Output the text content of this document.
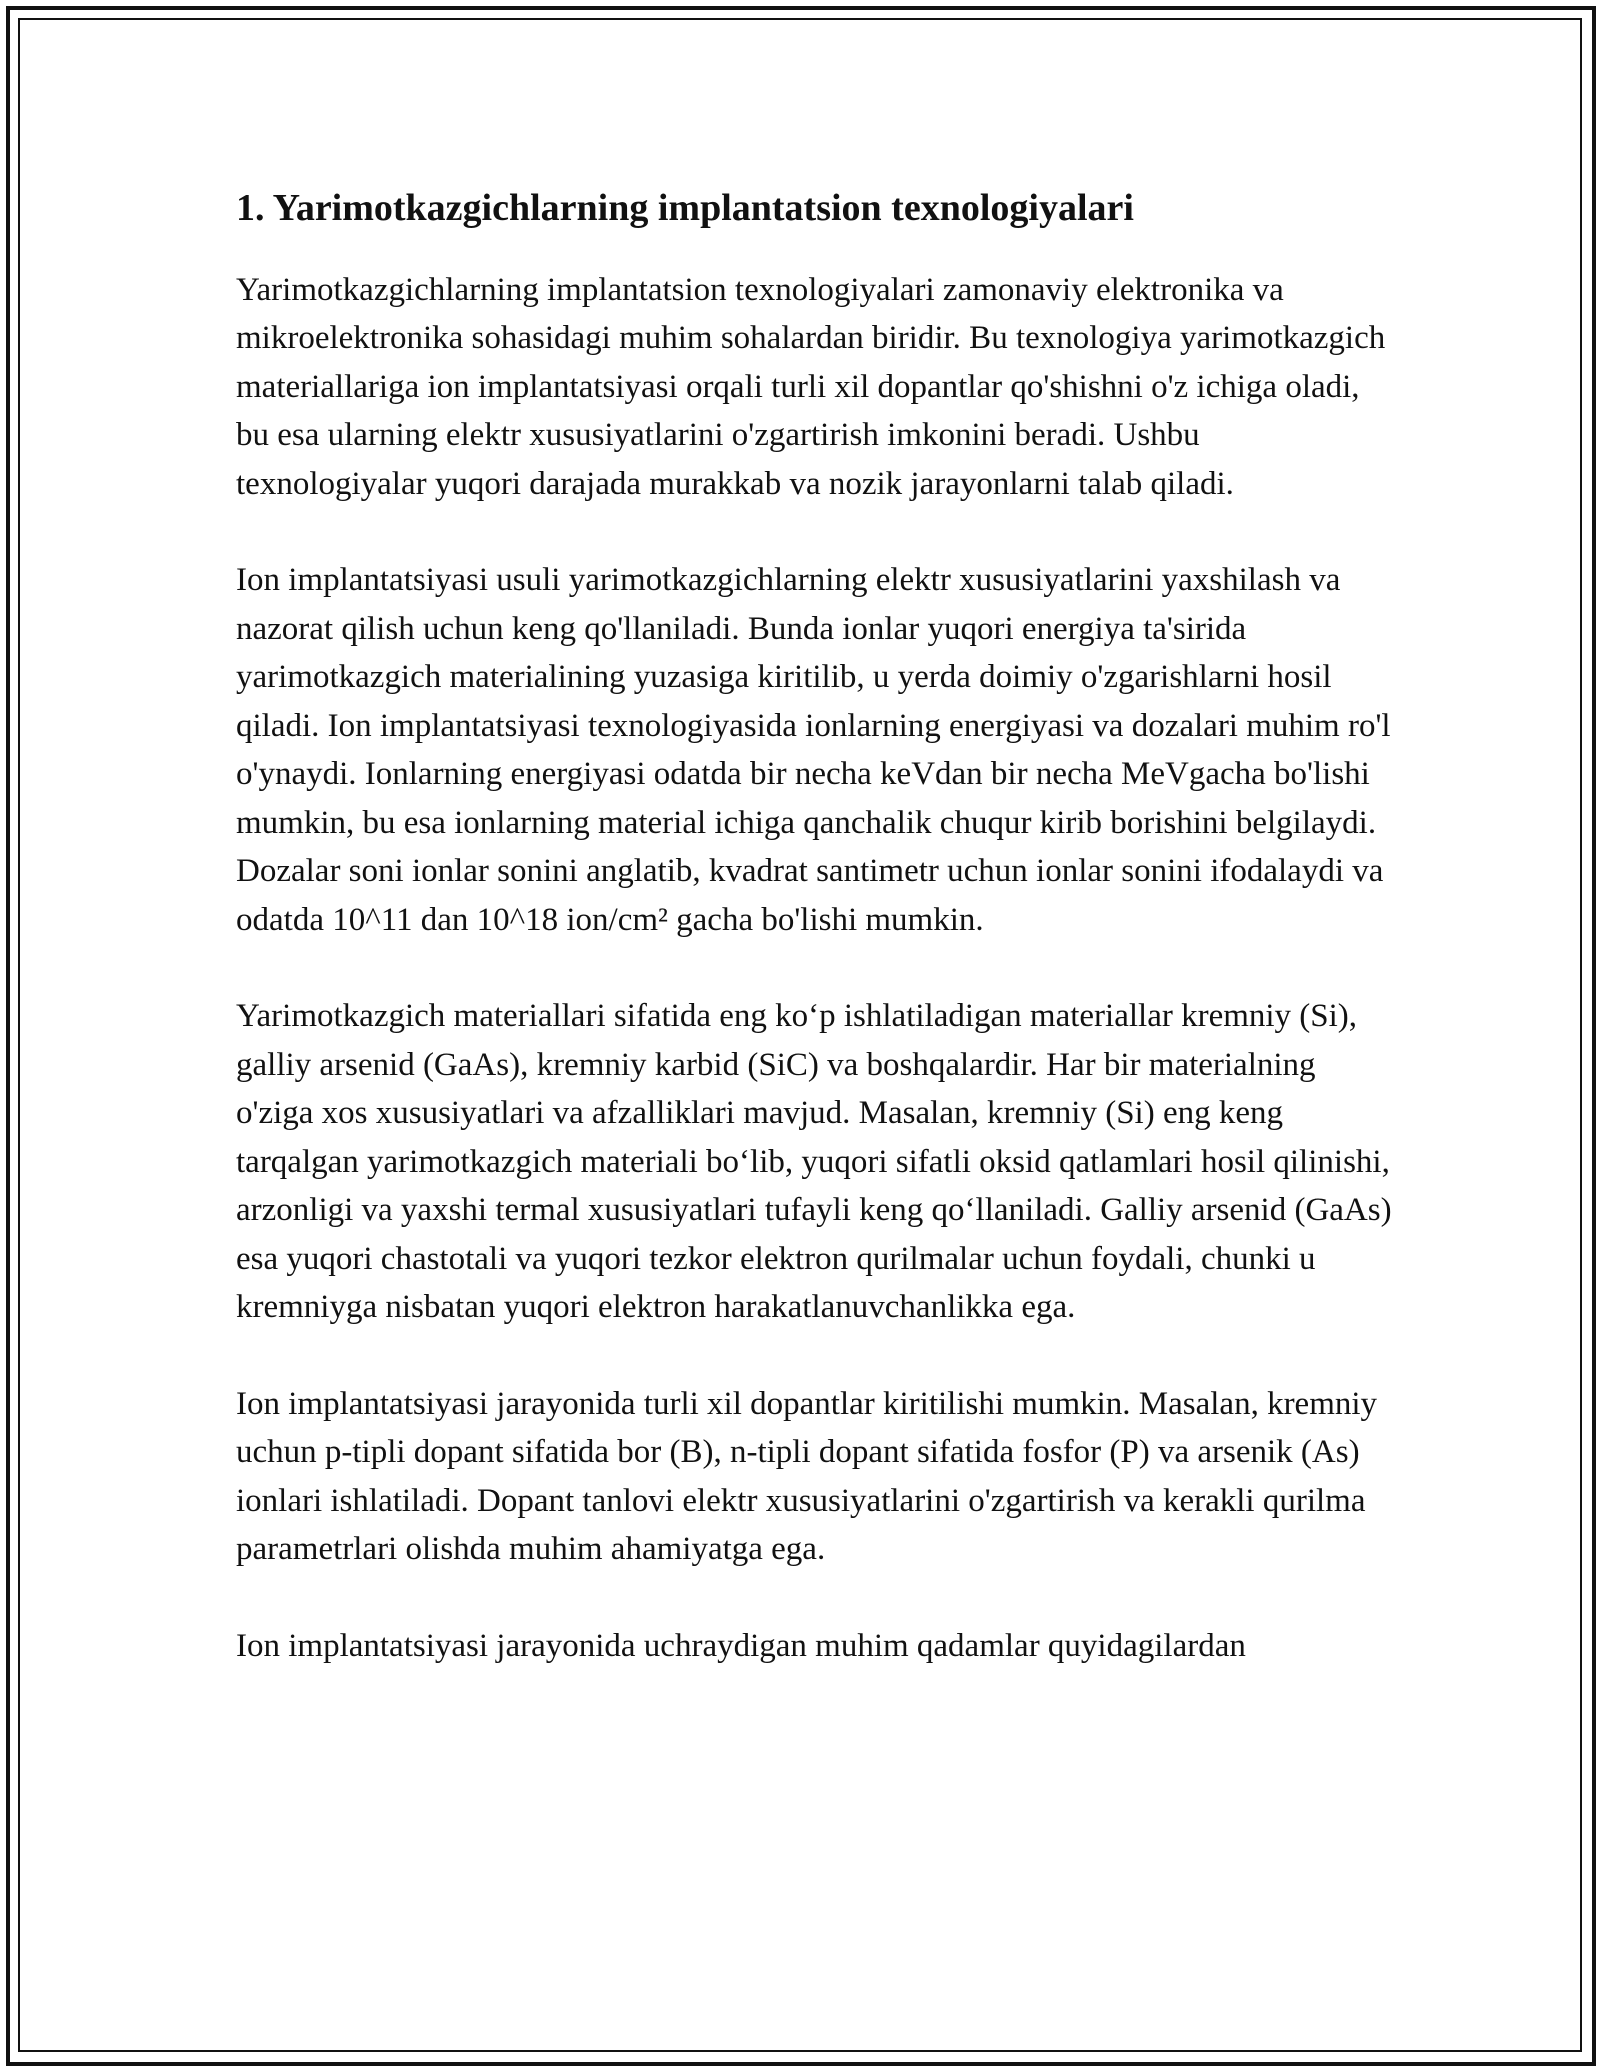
1. Yarimotkazgichlarning implantatsion texnologiyalari

Yarimotkazgichlarning implantatsion texnologiyalari zamonaviy elektronika va mikroelektronika sohasidagi muhim sohalardan biridir. Bu texnologiya yarimotkazgich materiallariga ion implantatsiyasi orqali turli xil dopantlar qo'shishni o'z ichiga oladi, bu esa ularning elektr xususiyatlarini o'zgartirish imkonini beradi. Ushbu texnologiyalar yuqori darajada murakkab va nozik jarayonlarni talab qiladi.

Ion implantatsiyasi usuli yarimotkazgichlarning elektr xususiyatlarini yaxshilash va nazorat qilish uchun keng qo'llaniladi. Bunda ionlar yuqori energiya ta'sirida yarimotkazgich materialining yuzasiga kiritilib, u yerda doimiy o'zgarishlarni hosil qiladi. Ion implantatsiyasi texnologiyasida ionlarning energiyasi va dozalari muhim ro'l o'ynaydi. Ionlarning energiyasi odatda bir necha keVdan bir necha MeVgacha bo'lishi mumkin, bu esa ionlarning material ichiga qanchalik chuqur kirib borishini belgilaydi. Dozalar soni ionlar sonini anglatib, kvadrat santimetr uchun ionlar sonini ifodalaydi va odatda 10^11 dan 10^18 ion/cm² gacha bo'lishi mumkin.

Yarimotkazgich materiallari sifatida eng ko‘p ishlatiladigan materiallar kremniy (Si), galliy arsenid (GaAs), kremniy karbid (SiC) va boshqalardir. Har bir materialning o'ziga xos xususiyatlari va afzalliklari mavjud. Masalan, kremniy (Si) eng keng tarqalgan yarimotkazgich materiali bo‘lib, yuqori sifatli oksid qatlamlari hosil qilinishi, arzonligi va yaxshi termal xususiyatlari tufayli keng qo‘llaniladi. Galliy arsenid (GaAs) esa yuqori chastotali va yuqori tezkor elektron qurilmalar uchun foydali, chunki u kremniyga nisbatan yuqori elektron harakatlanuvchanlikka ega.

Ion implantatsiyasi jarayonida turli xil dopantlar kiritilishi mumkin. Masalan, kremniy uchun p-tipli dopant sifatida bor (B), n-tipli dopant sifatida fosfor (P) va arsenik (As) ionlari ishlatiladi. Dopant tanlovi elektr xususiyatlarini o'zgartirish va kerakli qurilma parametrlari olishda muhim ahamiyatga ega.

Ion implantatsiyasi jarayonida uchraydigan muhim qadamlar quyidagilardan
